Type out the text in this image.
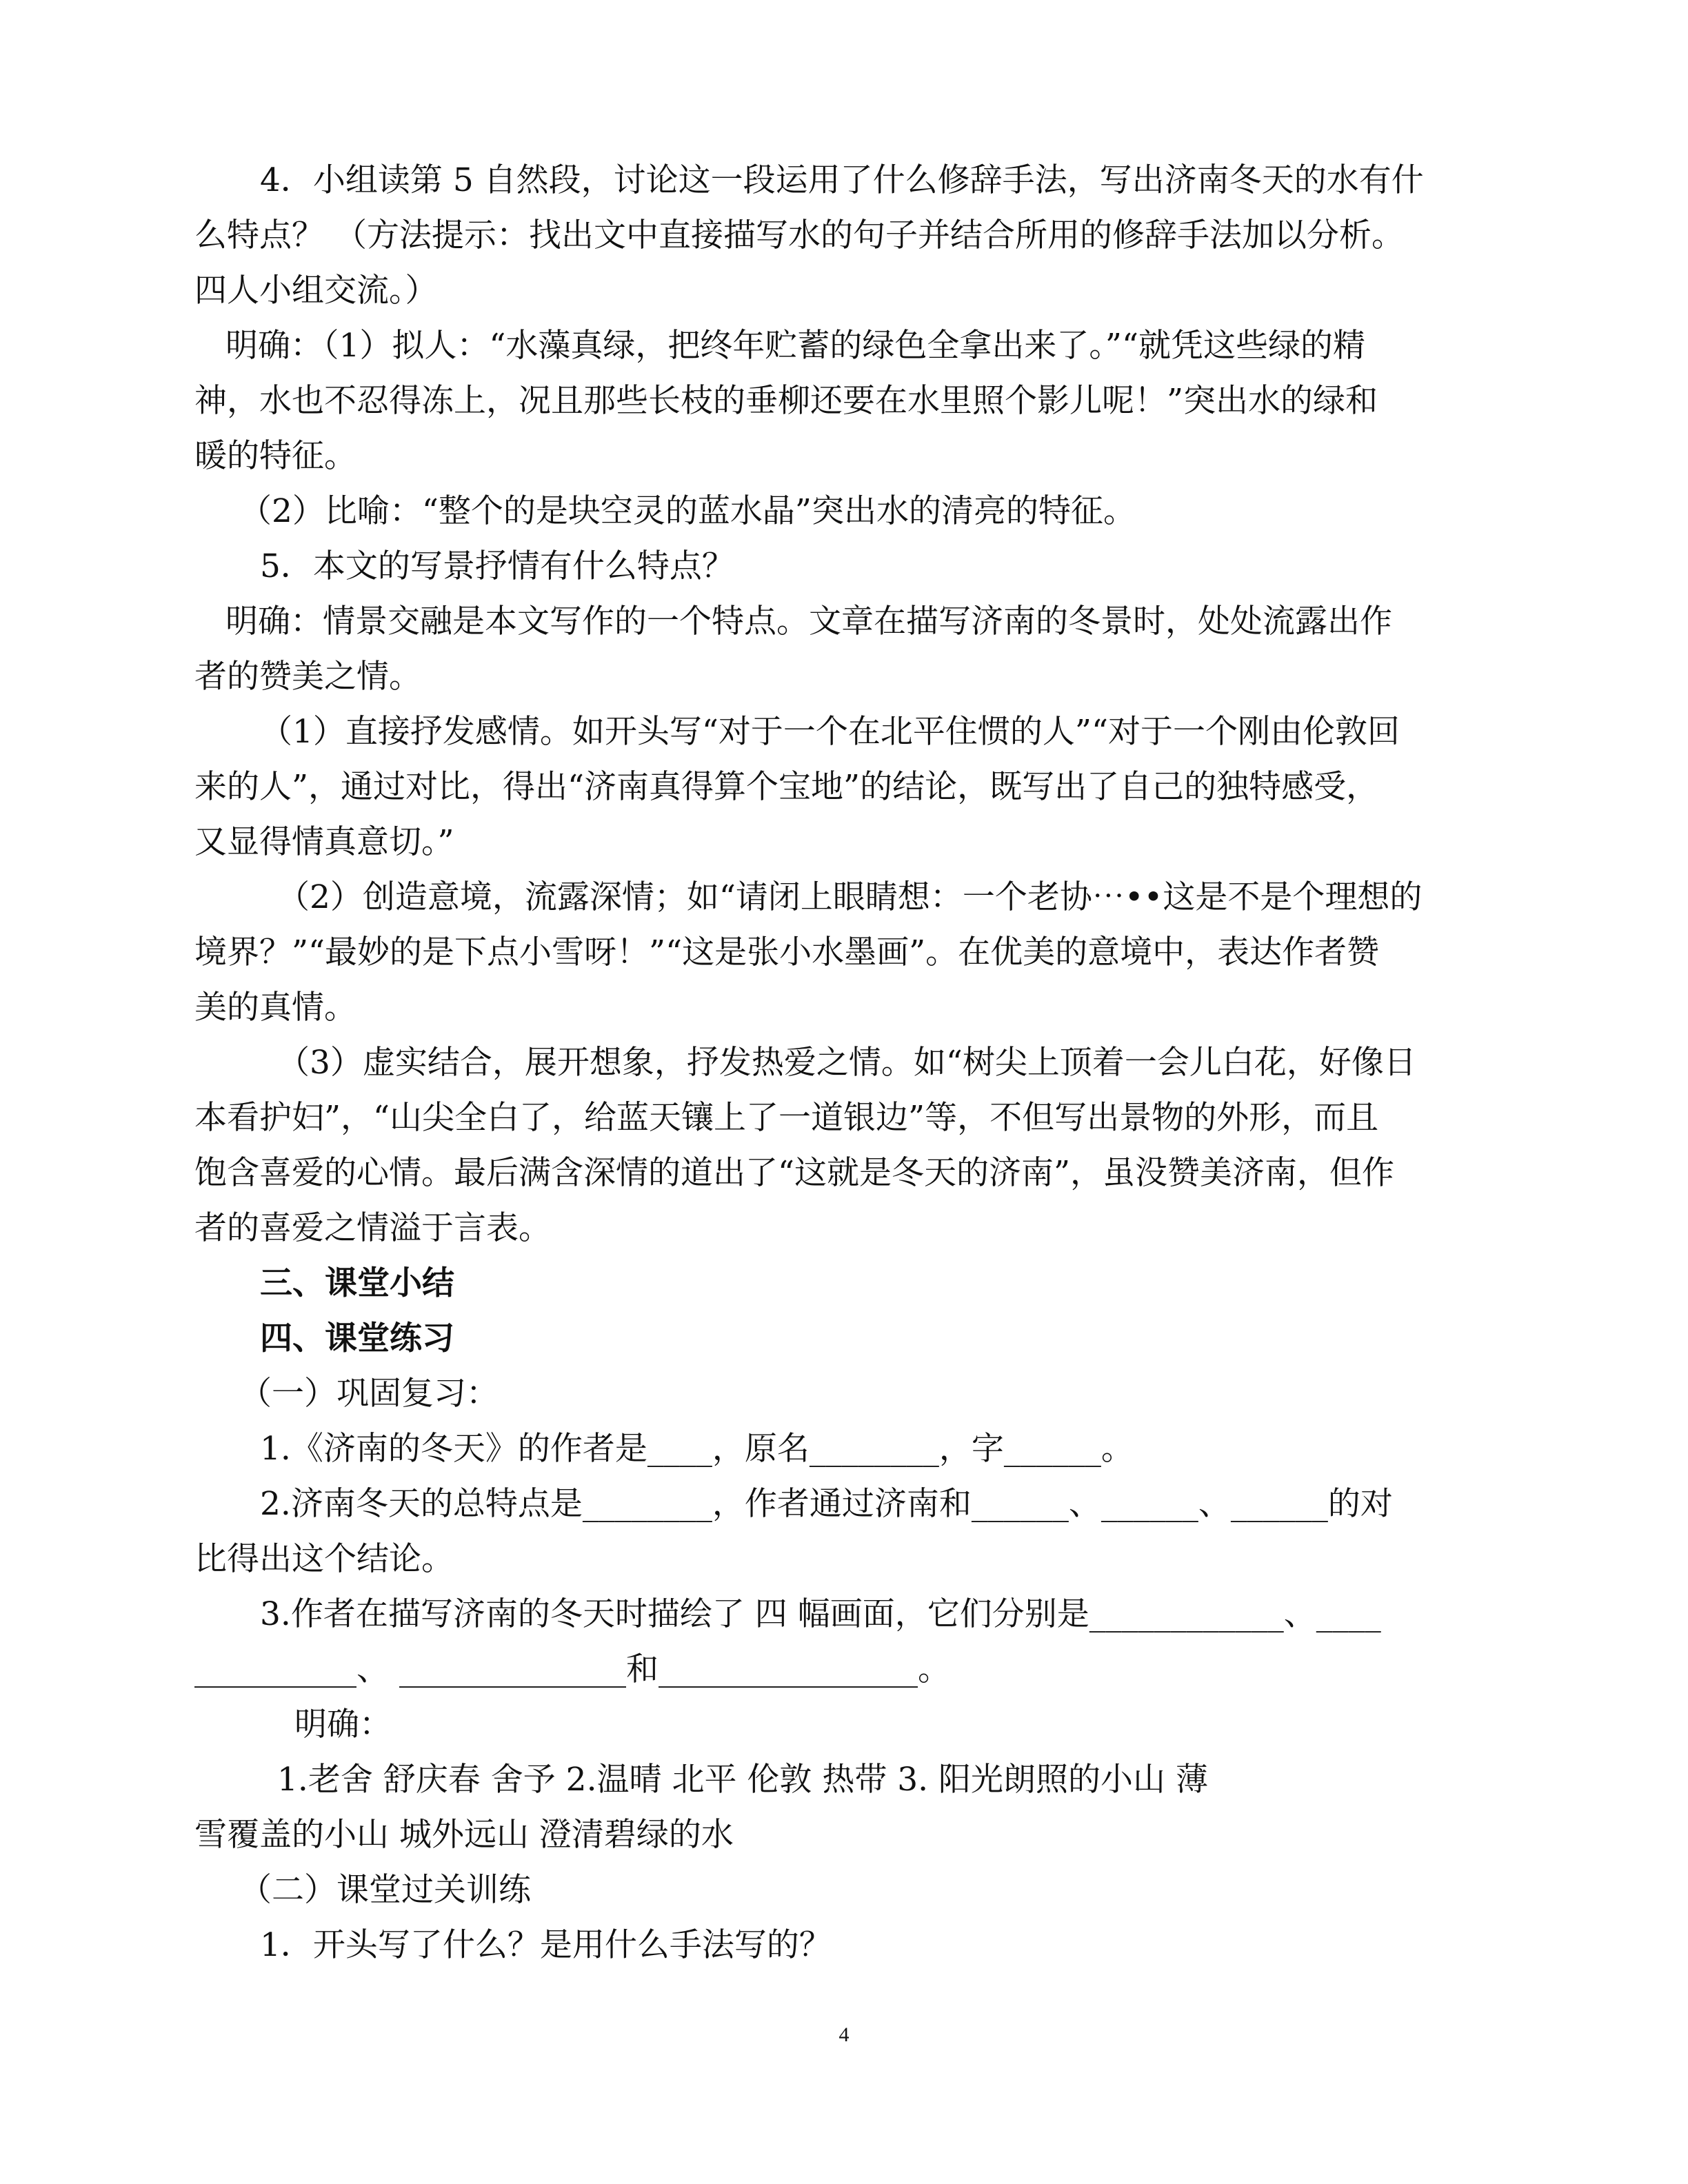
4．小组读第 5 自然段，讨论这一段运用了什么修辞手法，写出济南冬天的水有什
么特点？ （方法提示：找出文中直接描写水的句子并结合所用的修辞手法加以分析。
四人小组交流。）
明确：（1）拟人：“水藻真绿，把终年贮蓄的绿色全拿出来了。”“就凭这些绿的精
神，水也不忍得冻上，况且那些长枝的垂柳还要在水里照个影儿呢！”突出水的绿和
暖的特征。
（2）比喻：“整个的是块空灵的蓝水晶”突出水的清亮的特征。
5．本文的写景抒情有什么特点？
明确：情景交融是本文写作的一个特点。文章在描写济南的冬景时，处处流露出作
者的赞美之情。
（1）直接抒发感情。如开头写“对于一个在北平住惯的人”“对于一个刚由伦敦回
来的人”，通过对比，得出“济南真得算个宝地”的结论，既写出了自己的独特感受，
又显得情真意切。”
（2）创造意境，流露深情；如“请闭上眼睛想：一个老协⋯••这是不是个理想的
境界？”“最妙的是下点小雪呀！”“这是张小水墨画”。在优美的意境中，表达作者赞
美的真情。
（3）虚实结合，展开想象，抒发热爱之情。如“树尖上顶着一会儿白花，好像日
本看护妇”，“山尖全白了，给蓝天镶上了一道银边”等，不但写出景物的外形，而且
饱含喜爱的心情。最后满含深情的道出了“这就是冬天的济南”，虽没赞美济南，但作
者的喜爱之情溢于言表。
三、课堂小结
四、课堂练习
（一）巩固复习：
1.《济南的冬天》的作者是____，原名________，字______。
2.济南冬天的总特点是________，作者通过济南和______、______、______的对
比得出这个结论。
3.作者在描写济南的冬天时描绘了 四 幅画面，它们分别是____________、____
__________、 ______________和________________。
明确：
1.老舍 舒庆春 舍予 2.温晴 北平 伦敦 热带 3. 阳光朗照的小山 薄
雪覆盖的小山 城外远山 澄清碧绿的水
（二）课堂过关训练
1．开头写了什么？是用什么手法写的？
4
